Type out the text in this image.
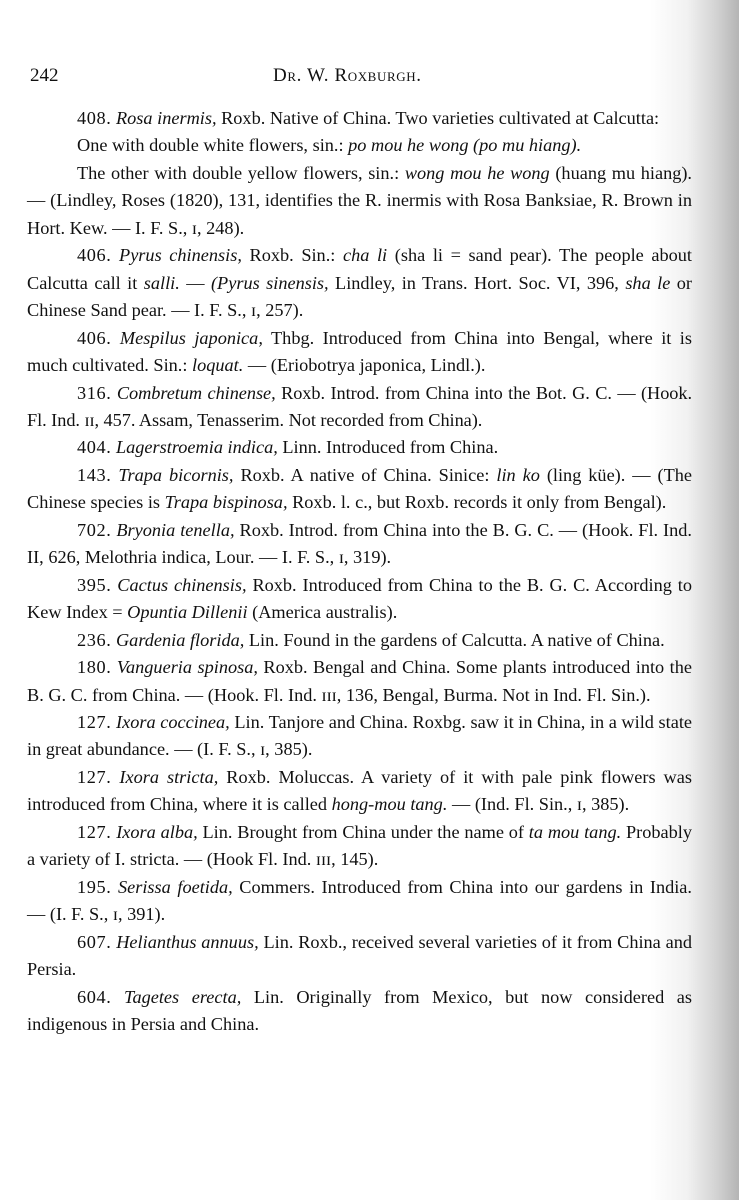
242	Dr. W. Roxburgh.

408. Rosa inermis, Roxb. Native of China. Two varieties cultivated at Calcutta:

One with double white flowers, sin.: po mou he wong (po mu hiang).

The other with double yellow flowers, sin.: wong mou he wong (huang mu hiang). — (Lindley, Roses (1820), 131, identifies the R. inermis with Rosa Banksiae, R. Brown in Hort. Kew. — I. F. S., ɪ, 248).

406. Pyrus chinensis, Roxb. Sin.: cha li (sha li = sand pear). The people about Calcutta call it salli. — (Pyrus sinensis, Lindley, in Trans. Hort. Soc. VI, 396, sha le or Chinese Sand pear. — I. F. S., ɪ, 257).

406. Mespilus japonica, Thbg. Introduced from China into Bengal, where it is much cultivated. Sin.: loquat. — (Eriobotrya japonica, Lindl.).

316. Combretum chinense, Roxb. Introd. from China into the Bot. G. C. — (Hook. Fl. Ind. ɪɪ, 457. Assam, Tenasserim. Not recorded from China).

404. Lagerstroemia indica, Linn. Introduced from China.

143. Trapa bicornis, Roxb. A native of China. Sinice: lin ko (ling küe). — (The Chinese species is Trapa bispinosa, Roxb. l. c., but Roxb. records it only from Bengal).

702. Bryonia tenella, Roxb. Introd. from China into the B. G. C. — (Hook. Fl. Ind. II, 626, Melothria indica, Lour. — I. F. S., ɪ, 319).

395. Cactus chinensis, Roxb. Introduced from China to the B. G. C. According to Kew Index = Opuntia Dillenii (America australis).

236. Gardenia florida, Lin. Found in the gardens of Calcutta. A native of China.

180. Vangueria spinosa, Roxb. Bengal and China. Some plants introduced into the B. G. C. from China. — (Hook. Fl. Ind. ɪɪɪ, 136, Bengal, Burma. Not in Ind. Fl. Sin.).

127. Ixora coccinea, Lin. Tanjore and China. Roxbg. saw it in China, in a wild state in great abundance. — (I. F. S., ɪ, 385).

127. Ixora stricta, Roxb. Moluccas. A variety of it with pale pink flowers was introduced from China, where it is called hong-mou tang. — (Ind. Fl. Sin., ɪ, 385).

127. Ixora alba, Lin. Brought from China under the name of ta mou tang. Probably a variety of I. stricta. — (Hook Fl. Ind. ɪɪɪ, 145).

195. Serissa foetida, Commers. Introduced from China into our gardens in India. — (I. F. S., ɪ, 391).

607. Helianthus annuus, Lin. Roxb., received several varieties of it from China and Persia.

604. Tagetes erecta, Lin. Originally from Mexico, but now considered as indigenous in Persia and China.
